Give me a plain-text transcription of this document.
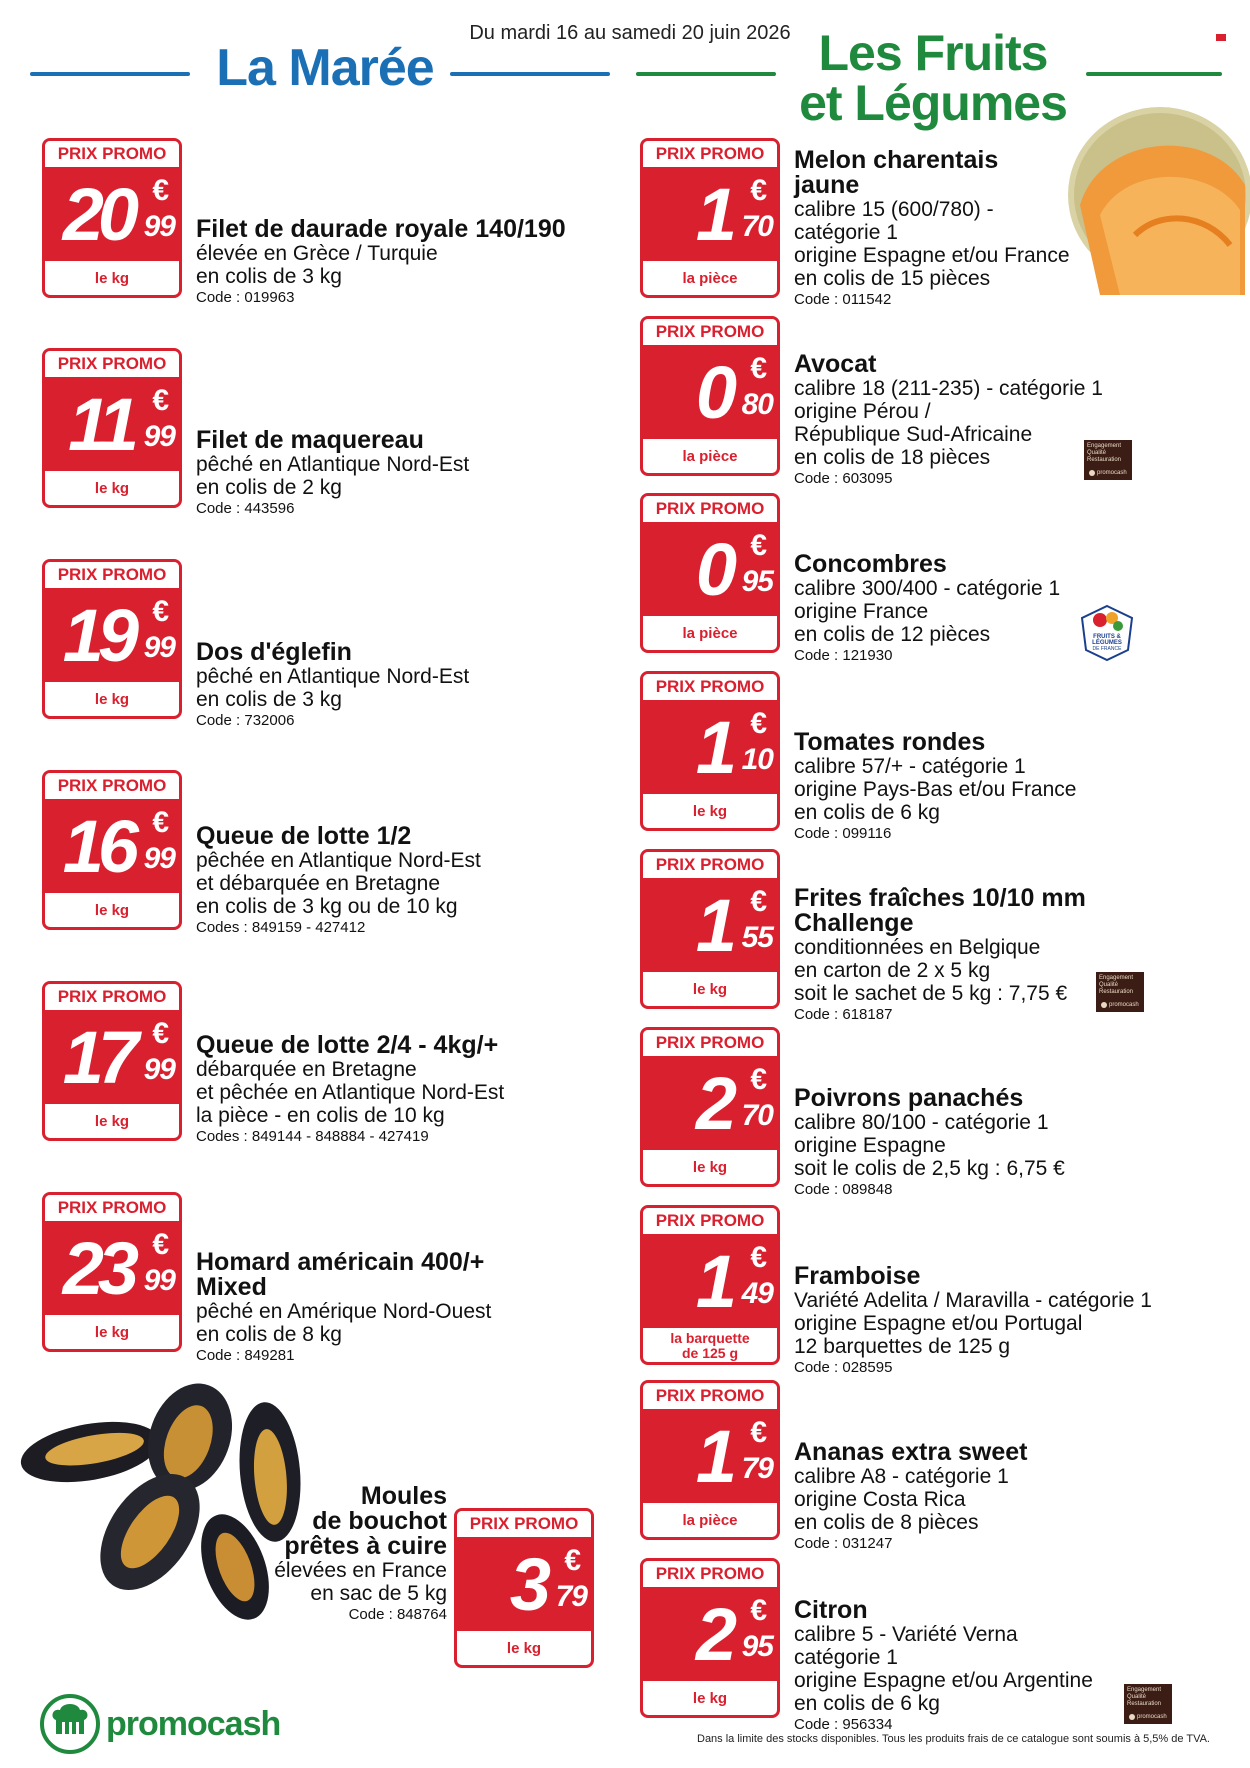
Du mardi 16 au samedi 20 juin 2026
La Marée	Les Fruits
et Légumes
PRIX PROMO
20 €
99
le kg
Filet de daurade royale 140/190
élevée en Grèce / Turquie
en colis de 3 kg
Code : 019963
PRIX PROMO
11 €
99
le kg
Filet de maquereau
pêché en Atlantique Nord-Est
en colis de 2 kg
Code : 443596
PRIX PROMO
19 €
99
le kg
Dos d'églefin
pêché en Atlantique Nord-Est
en colis de 3 kg
Code : 732006
PRIX PROMO
16 €
99
le kg
Queue de lotte 1/2
pêchée en Atlantique Nord-Est
et débarquée en Bretagne
en colis de 3 kg ou de 10 kg
Codes : 849159 - 427412
PRIX PROMO
17 €
99
le kg
Queue de lotte 2/4 - 4kg/+
débarquée en Bretagne
et pêchée en Atlantique Nord-Est
la pièce - en colis de 10 kg
Codes : 849144 - 848884 - 427419
PRIX PROMO
23 €
99
le kg
Homard américain 400/+
Mixed
pêché en Amérique Nord-Ouest
en colis de 8 kg
Code : 849281
PRIX PROMO
1 €
70
la pièce
Melon charentais
jaune
calibre 15 (600/780) -
catégorie 1
origine Espagne et/ou France
en colis de 15 pièces
Code : 011542
PRIX PROMO
0 €
80
la pièce
Avocat
calibre 18 (211-235) - catégorie 1
origine Pérou /
République Sud-Africaine
en colis de 18 pièces
Code : 603095
PRIX PROMO
0 €
95
la pièce
Concombres
calibre 300/400 - catégorie 1
origine France
en colis de 12 pièces
Code : 121930
PRIX PROMO
1 €
10
le kg
Tomates rondes
calibre 57/+ - catégorie 1
origine Pays-Bas et/ou France
en colis de 6 kg
Code : 099116
PRIX PROMO
1 €
55
le kg
Frites fraîches 10/10 mm
Challenge
conditionnées en Belgique
en carton de 2 x 5 kg
soit le sachet de 5 kg : 7,75 €
Code : 618187
PRIX PROMO
2 €
70
le kg
Poivrons panachés
calibre 80/100 - catégorie 1
origine Espagne
soit le colis de 2,5 kg : 6,75 €
Code : 089848
PRIX PROMO
1 €
49
la barquette
de 125 g
Framboise
Variété Adelita / Maravilla - catégorie 1
origine Espagne et/ou Portugal
12 barquettes de 125 g
Code : 028595
PRIX PROMO
1 €
79
la pièce
Ananas extra sweet
calibre A8 - catégorie 1
origine Costa Rica
en colis de 8 pièces
Code : 031247
PRIX PROMO
2 €
95
le kg
Citron
calibre 5 - Variété Verna
catégorie 1
origine Espagne et/ou Argentine
en colis de 6 kg
Code : 956334
Moules
de bouchot
prêtes à cuire
élevées en France
en sac de 5 kg
Code : 848764
PRIX PROMO
3 €
79
le kg
FRUITS &
LÉGUMES
DE FRANCE
Engagement
Qualité
Restauration
promocash
Engagement
Qualité
Restauration
promocash
Engagement
Qualité
Restauration
promocash
promocash	Dans la limite des stocks disponibles. Tous les produits frais de ce catalogue sont soumis à 5,5% de TVA.
